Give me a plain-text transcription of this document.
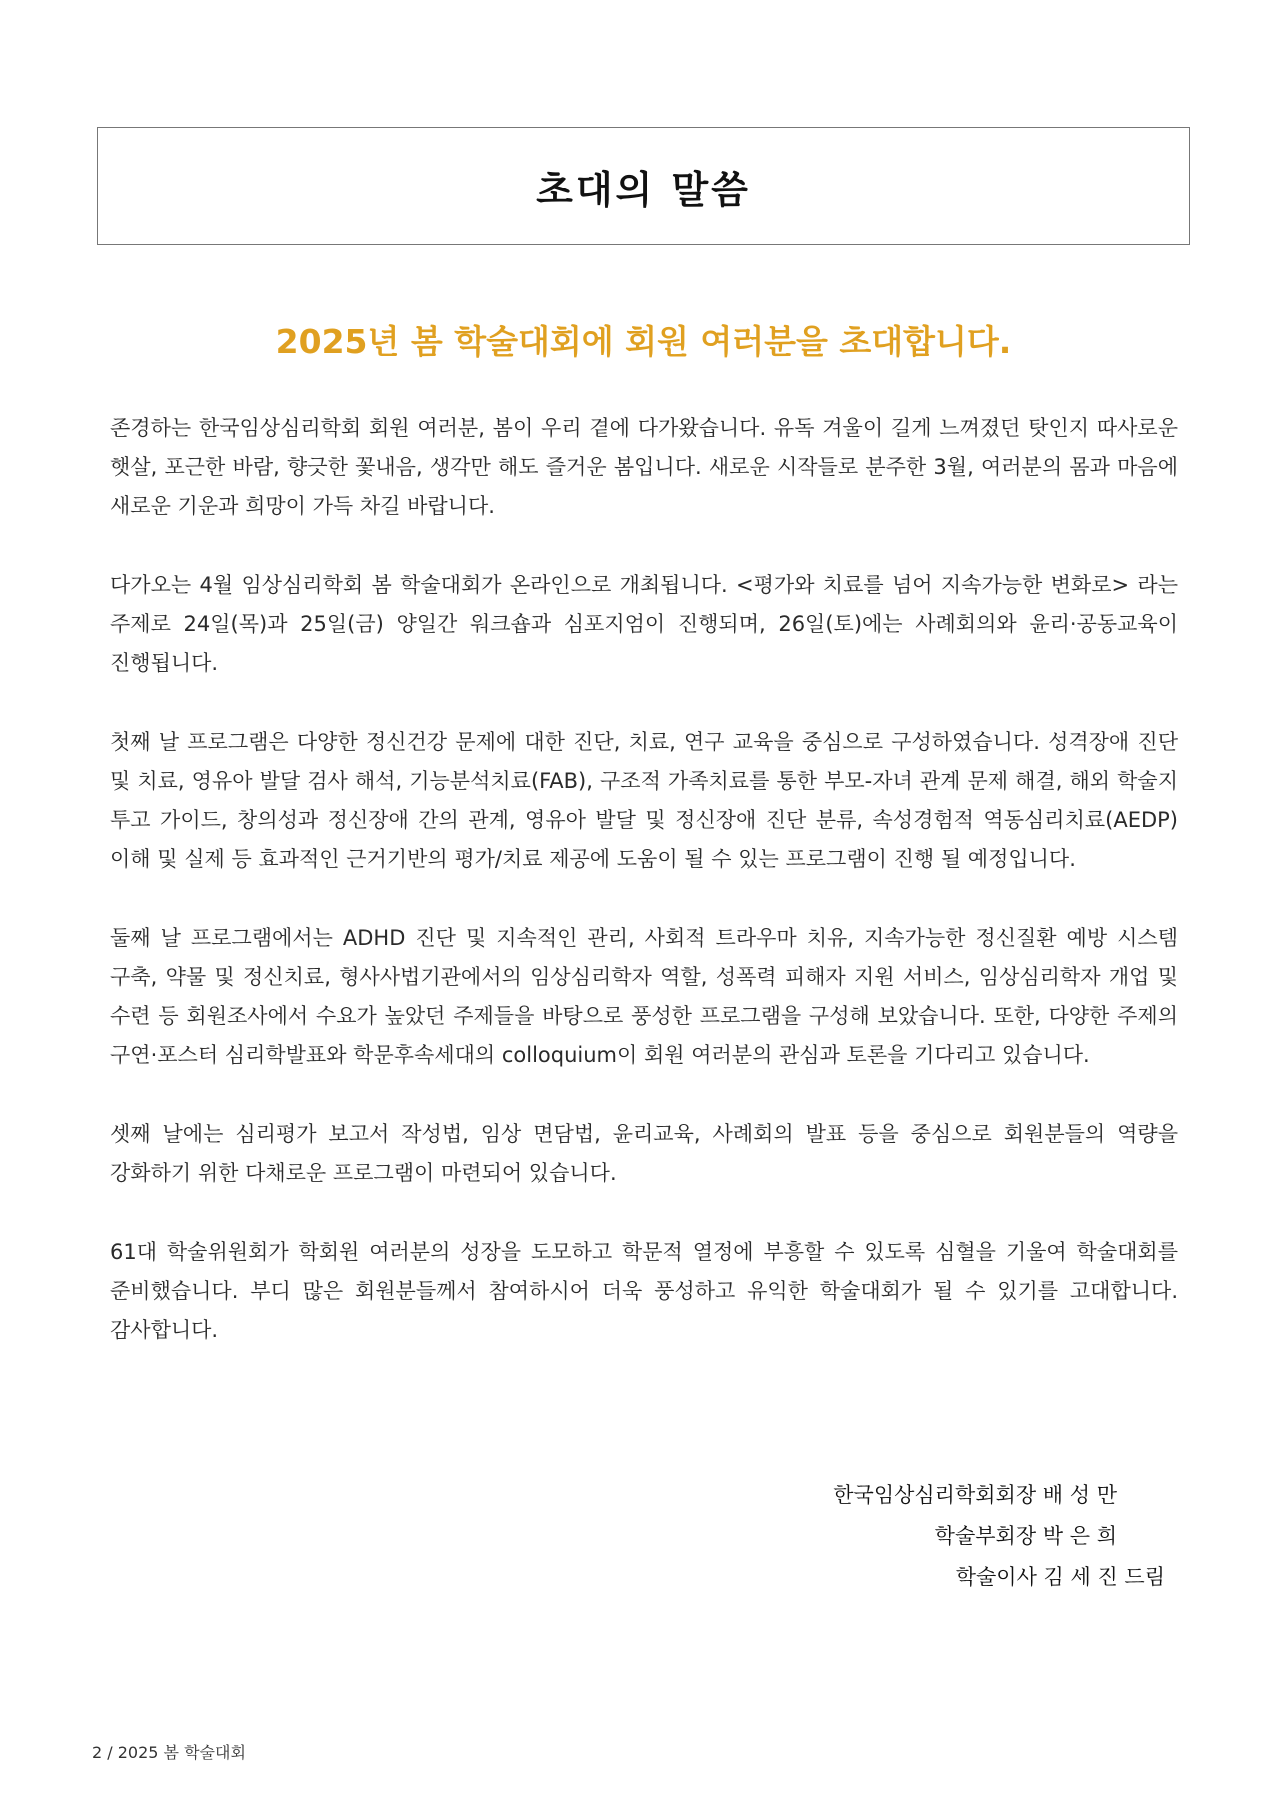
초대의 말씀
2025년 봄 학술대회에 회원 여러분을 초대합니다.

존경하는 한국임상심리학회 회원 여러분, 봄이 우리 곁에 다가왔습니다. 유독 겨울이 길게 느껴졌던 탓인지 따사로운 햇살, 포근한 바람, 향긋한 꽃내음, 생각만 해도 즐거운 봄입니다. 새로운 시작들로 분주한 3월, 여러분의 몸과 마음에 새로운 기운과 희망이 가득 차길 바랍니다.

다가오는 4월 임상심리학회 봄 학술대회가 온라인으로 개최됩니다. <평가와 치료를 넘어 지속가능한 변화로> 라는 주제로 24일(목)과 25일(금) 양일간 워크숍과 심포지엄이 진행되며, 26일(토)에는 사례회의와 윤리·공동교육이 진행됩니다.

첫째 날 프로그램은 다양한 정신건강 문제에 대한 진단, 치료, 연구 교육을 중심으로 구성하였습니다. 성격장애 진단 및 치료, 영유아 발달 검사 해석, 기능분석치료(FAB), 구조적 가족치료를 통한 부모-자녀 관계 문제 해결, 해외 학술지 투고 가이드, 창의성과 정신장애 간의 관계, 영유아 발달 및 정신장애 진단 분류, 속성경험적 역동심리치료(AEDP) 이해 및 실제 등 효과적인 근거기반의 평가/치료 제공에 도움이 될 수 있는 프로그램이 진행 될 예정입니다.

둘째 날 프로그램에서는 ADHD 진단 및 지속적인 관리, 사회적 트라우마 치유, 지속가능한 정신질환 예방 시스템 구축, 약물 및 정신치료, 형사사법기관에서의 임상심리학자 역할, 성폭력 피해자 지원 서비스, 임상심리학자 개업 및 수련 등 회원조사에서 수요가 높았던 주제들을 바탕으로 풍성한 프로그램을 구성해 보았습니다. 또한, 다양한 주제의 구연·포스터 심리학발표와 학문후속세대의 colloquium이 회원 여러분의 관심과 토론을 기다리고 있습니다.

셋째 날에는 심리평가 보고서 작성법, 임상 면담법, 윤리교육, 사례회의 발표 등을 중심으로 회원분들의 역량을 강화하기 위한 다채로운 프로그램이 마련되어 있습니다.

61대 학술위원회가 학회원 여러분의 성장을 도모하고 학문적 열정에 부흥할 수 있도록 심혈을 기울여 학술대회를 준비했습니다. 부디 많은 회원분들께서 참여하시어 더욱 풍성하고 유익한 학술대회가 될 수 있기를 고대합니다. 감사합니다.

한국임상심리학회회장 배 성 만
학술부회장 박 은 희
학술이사 김 세 진 드림
2 / 2025 봄 학술대회
